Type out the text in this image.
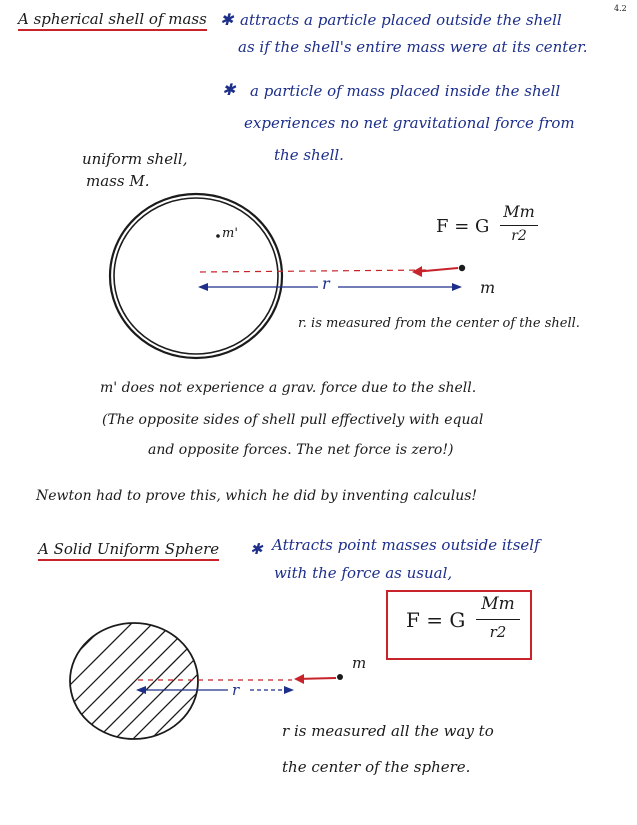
4.2
A spherical shell of mass ✱ attracts a particle placed outside the shell
as if the shell's entire mass were at its center.
✱ a particle of mass placed inside the shell
experiences no net gravitational force from
the shell.
uniform shell,
mass M.
m'
r	m
F = G
Mm
r2
r. is measured from the center of the shell.
m' does not experience a grav. force due to the shell.
(The opposite sides of shell pull effectively with equal
and opposite forces. The net force is zero!)
Newton had to prove this, which he did by inventing calculus!
A Solid Uniform Sphere ✱ Attracts point masses outside itself
with the force as usual,
F = G
Mm
r2
m
r
r is measured all the way to
the center of the sphere.
